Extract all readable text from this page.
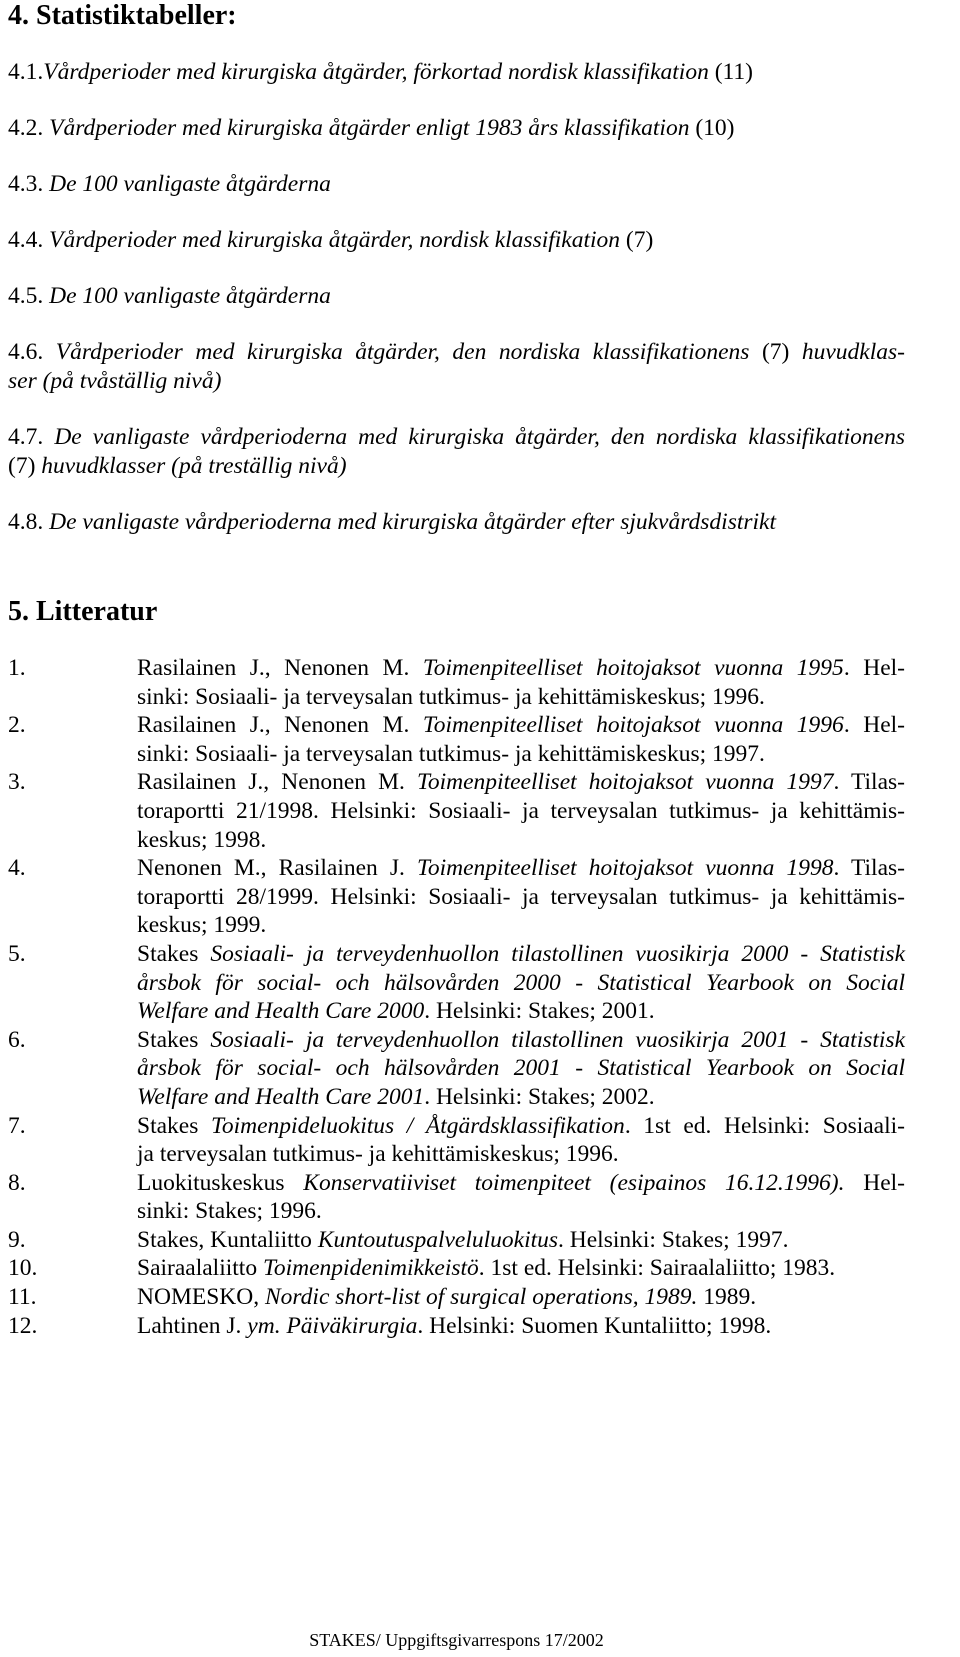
4. Statistiktabeller:
4.1.Vårdperioder med kirurgiska åtgärder, förkortad nordisk klassifikation (11)
4.2. Vårdperioder med kirurgiska åtgärder enligt 1983 års klassifikation (10)
4.3. De 100 vanligaste åtgärderna
4.4. Vårdperioder med kirurgiska åtgärder, nordisk klassifikation (7)
4.5. De 100 vanligaste åtgärderna
4.6. Vårdperioder med kirurgiska åtgärder, den nordiska klassifikationens (7) huvudklas-
ser (på tvåställig nivå)
4.7. De vanligaste vårdperioderna med kirurgiska åtgärder, den nordiska klassifikationens
(7) huvudklasser (på treställig nivå)
4.8. De vanligaste vårdperioderna med kirurgiska åtgärder efter sjukvårdsdistrikt
5. Litteratur
1.	Rasilainen J., Nenonen M. Toimenpiteelliset hoitojaksot vuonna 1995. Hel-
sinki: Sosiaali- ja terveysalan tutkimus- ja kehittämiskeskus; 1996.
2.	Rasilainen J., Nenonen M. Toimenpiteelliset hoitojaksot vuonna 1996. Hel-
sinki: Sosiaali- ja terveysalan tutkimus- ja kehittämiskeskus; 1997.
3.	Rasilainen J., Nenonen M. Toimenpiteelliset hoitojaksot vuonna 1997. Tilas-
toraportti 21/1998. Helsinki: Sosiaali- ja terveysalan tutkimus- ja kehittämis-
keskus; 1998.
4.	Nenonen M., Rasilainen J. Toimenpiteelliset hoitojaksot vuonna 1998. Tilas-
toraportti 28/1999. Helsinki: Sosiaali- ja terveysalan tutkimus- ja kehittämis-
keskus; 1999.
5.	Stakes Sosiaali- ja terveydenhuollon tilastollinen vuosikirja 2000 - Statistisk
årsbok för social- och hälsovården 2000 - Statistical Yearbook on Social
Welfare and Health Care 2000. Helsinki: Stakes; 2001.
6.	Stakes Sosiaali- ja terveydenhuollon tilastollinen vuosikirja 2001 - Statistisk
årsbok för social- och hälsovården 2001 - Statistical Yearbook on Social
Welfare and Health Care 2001. Helsinki: Stakes; 2002.
7.	Stakes Toimenpideluokitus / Åtgärdsklassifikation. 1st ed. Helsinki: Sosiaali-
ja terveysalan tutkimus- ja kehittämiskeskus; 1996.
8.	Luokituskeskus Konservatiiviset toimenpiteet (esipainos 16.12.1996). Hel-
sinki: Stakes; 1996.
9.	Stakes, Kuntaliitto Kuntoutuspalveluluokitus. Helsinki: Stakes; 1997.
10.	Sairaalaliitto Toimenpidenimikkeistö. 1st ed. Helsinki: Sairaalaliitto; 1983.
11.	NOMESKO, Nordic short-list of surgical operations, 1989. 1989.
12.	Lahtinen J. ym. Päiväkirurgia. Helsinki: Suomen Kuntaliitto; 1998.
STAKES/ Uppgiftsgivarrespons 17/2002
